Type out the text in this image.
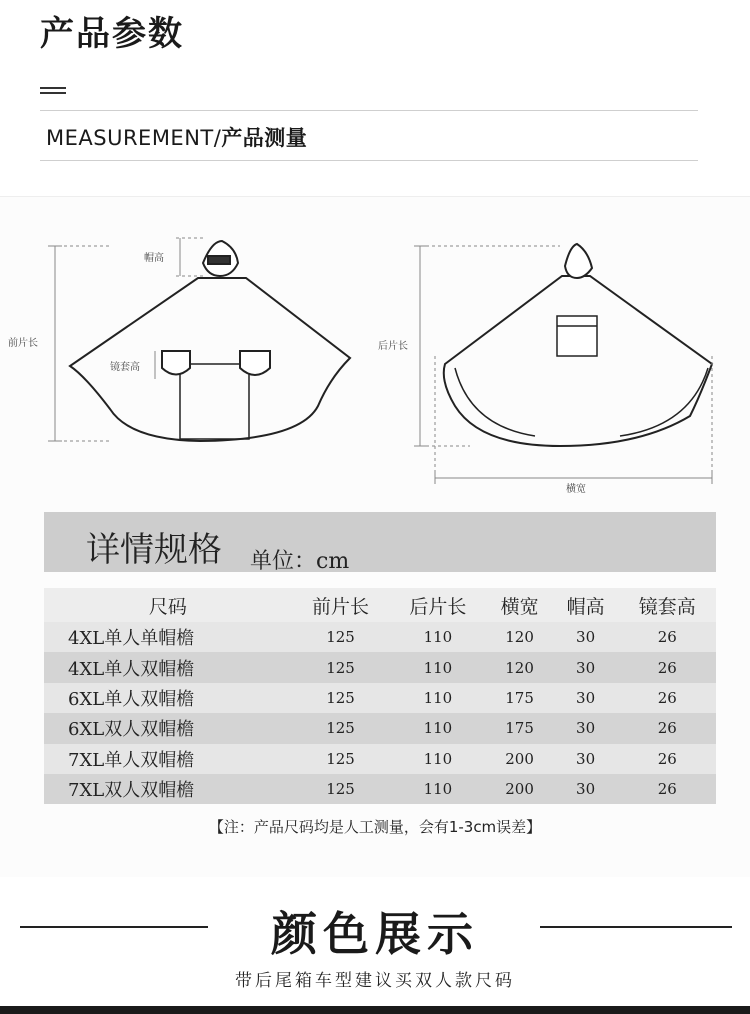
产品参数
MEASUREMENT/产品测量
前片长
帽高
镜套高
后片长
横宽
详情规格 单位：cm
尺码	前片长	后片长	横宽	帽高	镜套高
4XL单人单帽檐	125	110	120	30	26
4XL单人双帽檐	125	110	120	30	26
6XL单人双帽檐	125	110	175	30	26
6XL双人双帽檐	125	110	175	30	26
7XL单人双帽檐	125	110	200	30	26
7XL双人双帽檐	125	110	200	30	26
【注：产品尺码均是人工测量，会有1-3cm误差】
颜色展示
带后尾箱车型建议买双人款尺码
